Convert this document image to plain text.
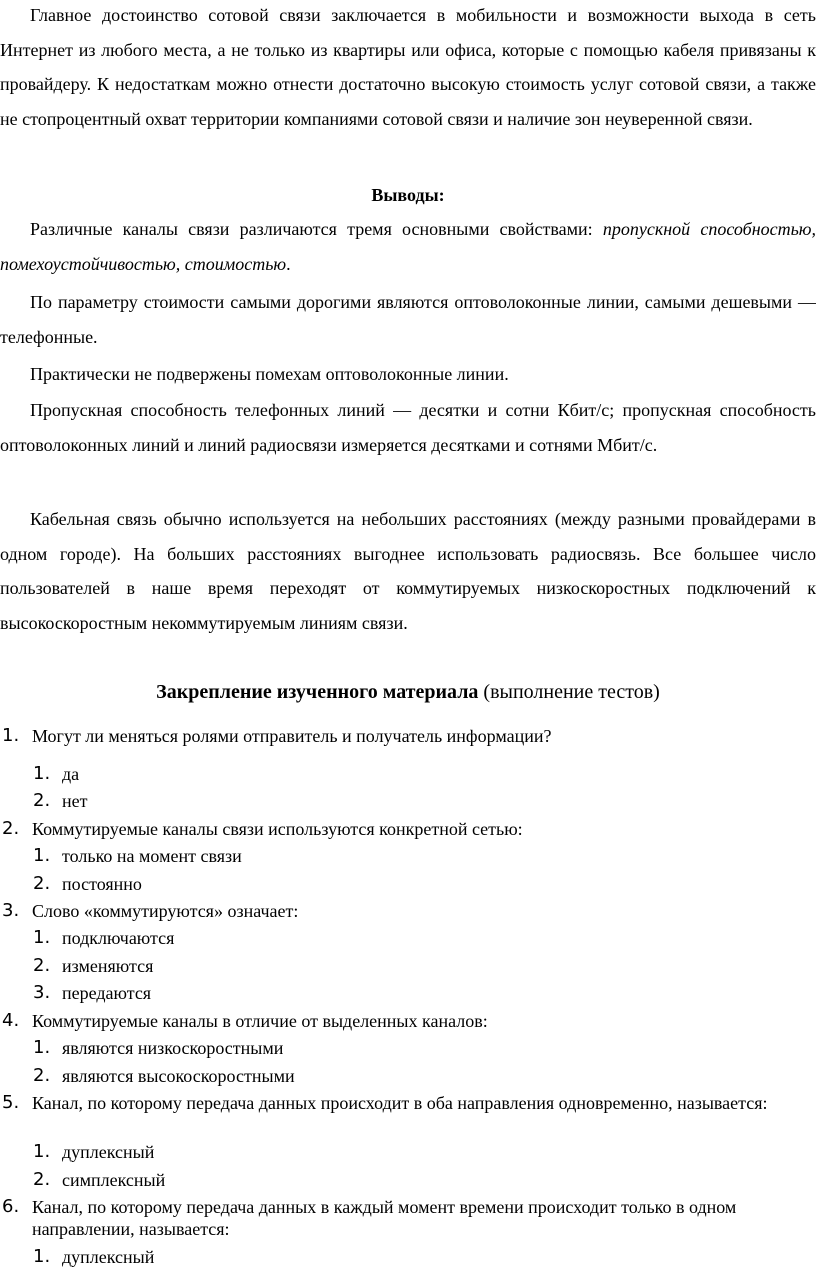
Главное достоинство сотовой связи заключается в мобильности и возможности выхода в сеть Интернет из любого места, а не только из квартиры или офиса, которые с помощью кабеля привязаны к провайдеру. К недостаткам можно отнести достаточно высокую стоимость услуг сотовой связи, а также не стопроцентный охват территории компаниями сотовой связи и наличие зон неуверенной связи.

Выводы:

Различные каналы связи различаются тремя основными свойствами: пропускной способностью, помехоустойчивостью, стоимостью.

По параметру стоимости самыми дорогими являются оптоволоконные линии, самыми дешевыми — телефонные.

Практически не подвержены помехам оптоволоконные линии.

Пропускная способность телефонных линий — десятки и сотни Кбит/с; пропускная способность оптоволоконных линий и линий радиосвязи измеряется десятками и сотнями Мбит/с.

Кабельная связь обычно используется на небольших расстояниях (между разными провайдерами в одном городе). На больших расстояниях выгоднее использовать радиосвязь. Все большее число пользователей в наше время переходят от коммутируемых низкоскоростных подключений к высокоскоростным некоммутируемым линиям связи.

Закрепление изученного материала (выполнение тестов)

1. Могут ли меняться ролями отправитель и получатель информации?
1. да
2. нет
2. Коммутируемые каналы связи используются конкретной сетью:
1. только на момент связи
2. постоянно
3. Слово «коммутируются» означает:
1. подключаются
2. изменяются
3. передаются
4. Коммутируемые каналы в отличие от выделенных каналов:
1. являются низкоскоростными
2. являются высокоскоростными
5. Канал, по которому передача данных происходит в оба направления одновременно, называется:
1. дуплексный
2. симплексный
6. Канал, по которому передача данных в каждый момент времени происходит только в одном направлении, называется:
1. дуплексный
